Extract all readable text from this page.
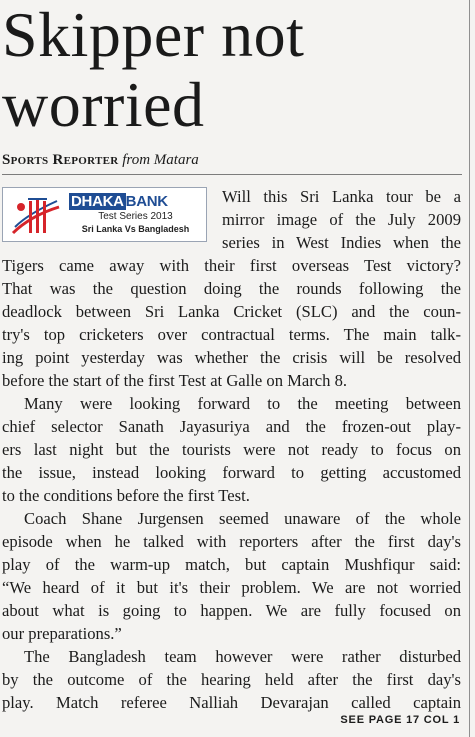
Skipper not
worried
Sports Reporter from Matara
DHAKA BANK
Test Series 2013
Sri Lanka Vs Bangladesh
Will this Sri Lanka tour be a
mirror image of the July 2009
series in West Indies when the
Tigers came away with their first overseas Test victory?
That was the question doing the rounds following the
deadlock between Sri Lanka Cricket (SLC) and the coun-
try's top cricketers over contractual terms. The main talk-
ing point yesterday was whether the crisis will be resolved
before the start of the first Test at Galle on March 8.
Many were looking forward to the meeting between
chief selector Sanath Jayasuriya and the frozen-out play-
ers last night but the tourists were not ready to focus on
the issue, instead looking forward to getting accustomed
to the conditions before the first Test.
Coach Shane Jurgensen seemed unaware of the whole
episode when he talked with reporters after the first day's
play of the warm-up match, but captain Mushfiqur said:
“We heard of it but it's their problem. We are not worried
about what is going to happen. We are fully focused on
our preparations.”
The Bangladesh team however were rather disturbed
by the outcome of the hearing held after the first day's
play. Match referee Nalliah Devarajan called captain
SEE PAGE 17 COL 1
